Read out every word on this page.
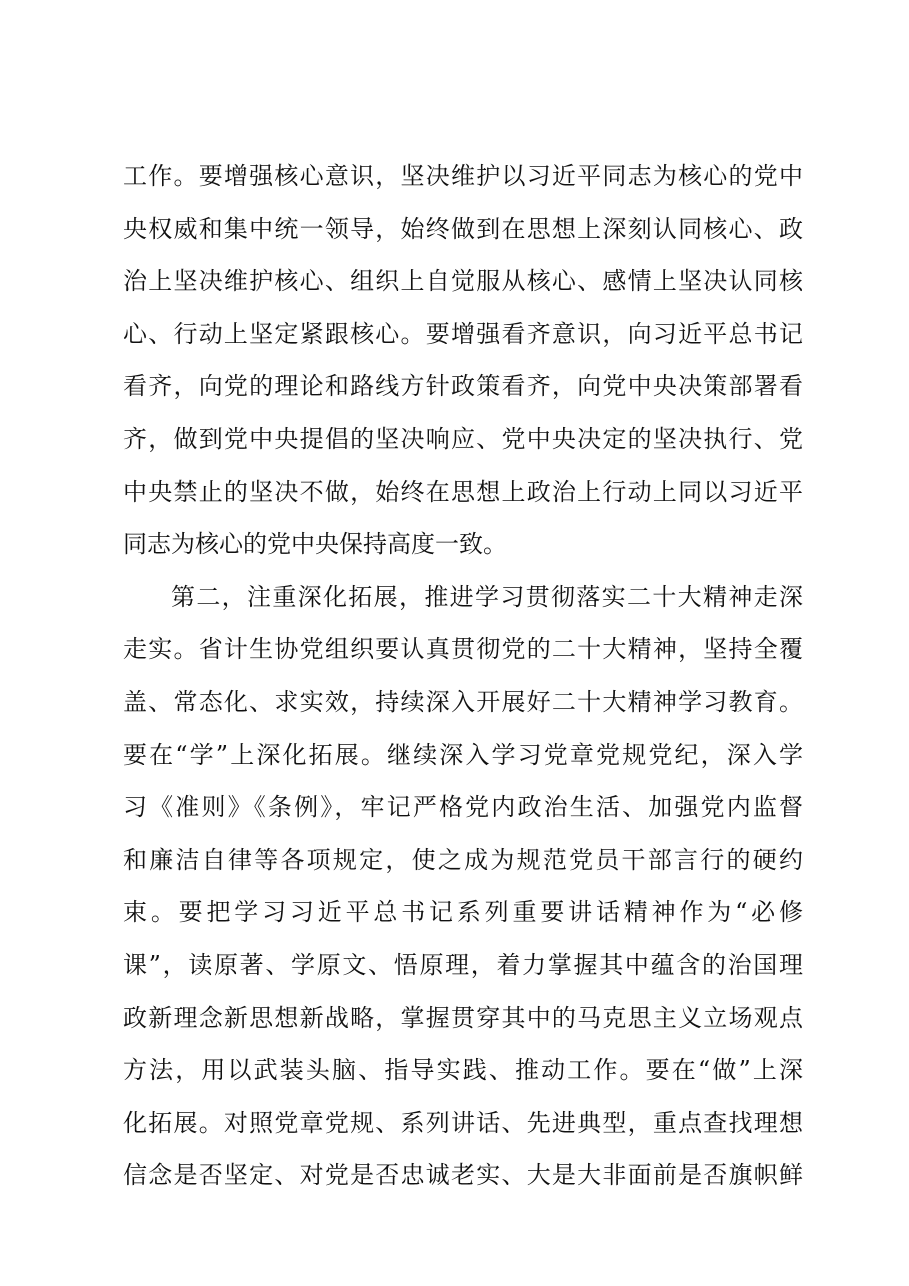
工作。要增强核心意识，坚决维护以习近平同志为核心的党中
央权威和集中统一领导，始终做到在思想上深刻认同核心、政
治上坚决维护核心、组织上自觉服从核心、感情上坚决认同核
心、行动上坚定紧跟核心。要增强看齐意识，向习近平总书记
看齐，向党的理论和路线方针政策看齐，向党中央决策部署看
齐，做到党中央提倡的坚决响应、党中央决定的坚决执行、党
中央禁止的坚决不做，始终在思想上政治上行动上同以习近平
同志为核心的党中央保持高度一致。
第二，注重深化拓展，推进学习贯彻落实二十大精神走深
走实。省计生协党组织要认真贯彻党的二十大精神，坚持全覆
盖、常态化、求实效，持续深入开展好二十大精神学习教育。
要在“学”上深化拓展。继续深入学习党章党规党纪，深入学
习《准则》《条例》，牢记严格党内政治生活、加强党内监督
和廉洁自律等各项规定，使之成为规范党员干部言行的硬约
束。要把学习习近平总书记系列重要讲话精神作为“必修
课”，读原著、学原文、悟原理，着力掌握其中蕴含的治国理
政新理念新思想新战略，掌握贯穿其中的马克思主义立场观点
方法，用以武装头脑、指导实践、推动工作。要在“做”上深
化拓展。对照党章党规、系列讲话、先进典型，重点查找理想
信念是否坚定、对党是否忠诚老实、大是大非面前是否旗帜鲜
